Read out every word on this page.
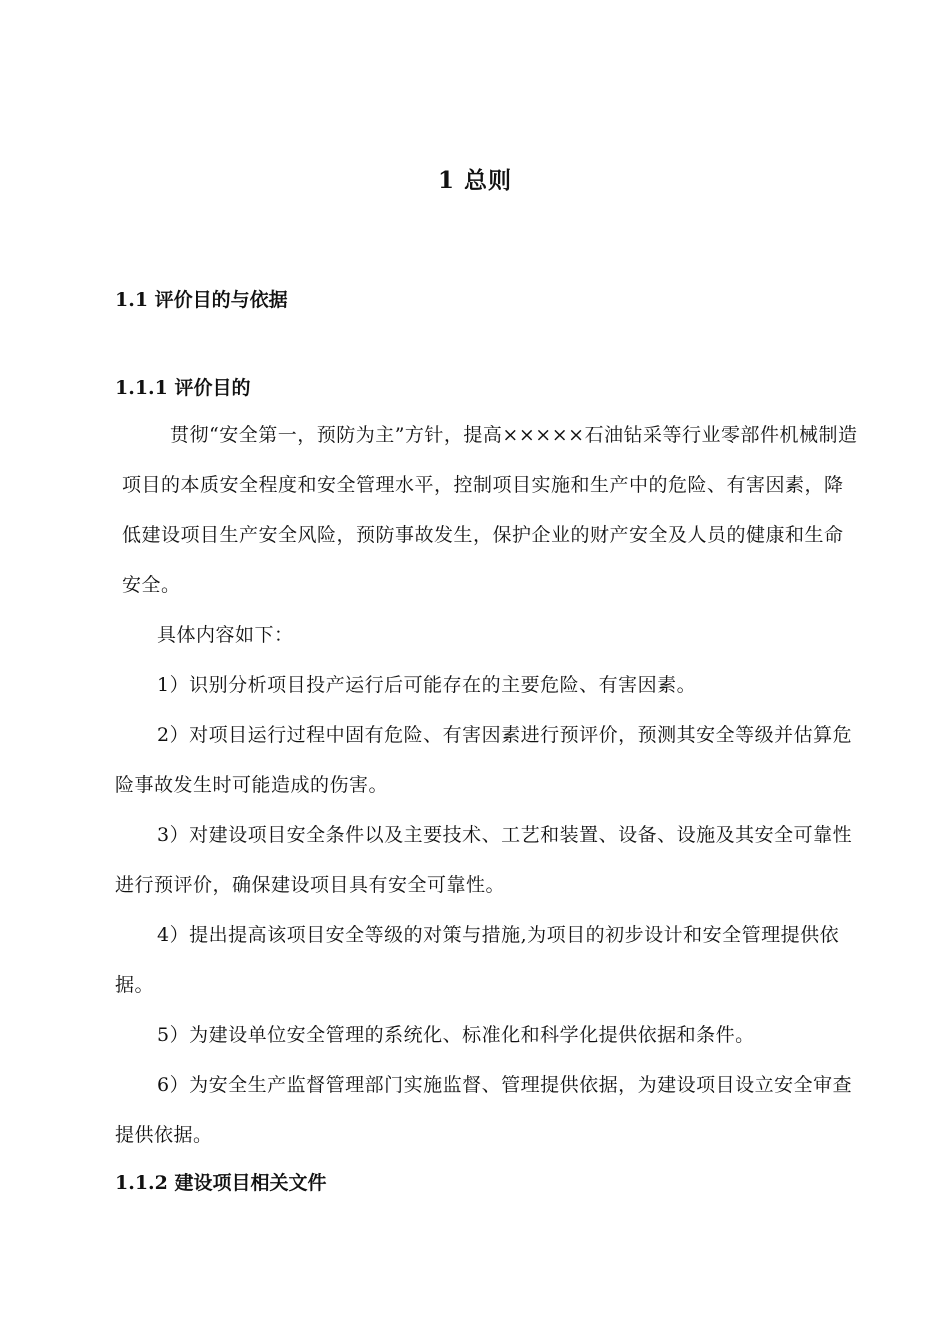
1 总则
1.1 评价目的与依据
1.1.1 评价目的
贯彻“安全第一，预防为主”方针，提高×××××石油钻采等行业零部件机械制造项目的本质安全程度和安全管理水平，控制项目实施和生产中的危险、有害因素，降低建设项目生产安全风险，预防事故发生，保护企业的财产安全及人员的健康和生命安全。

具体内容如下：

1）识别分析项目投产运行后可能存在的主要危险、有害因素。

2）对项目运行过程中固有危险、有害因素进行预评价，预测其安全等级并估算危险事故发生时可能造成的伤害。

3）对建设项目安全条件以及主要技术、工艺和装置、设备、设施及其安全可靠性进行预评价，确保建设项目具有安全可靠性。

4）提出提高该项目安全等级的对策与措施,为项目的初步设计和安全管理提供依据。

5）为建设单位安全管理的系统化、标准化和科学化提供依据和条件。

6）为安全生产监督管理部门实施监督、管理提供依据，为建设项目设立安全审查提供依据。

1.1.2 建设项目相关文件
